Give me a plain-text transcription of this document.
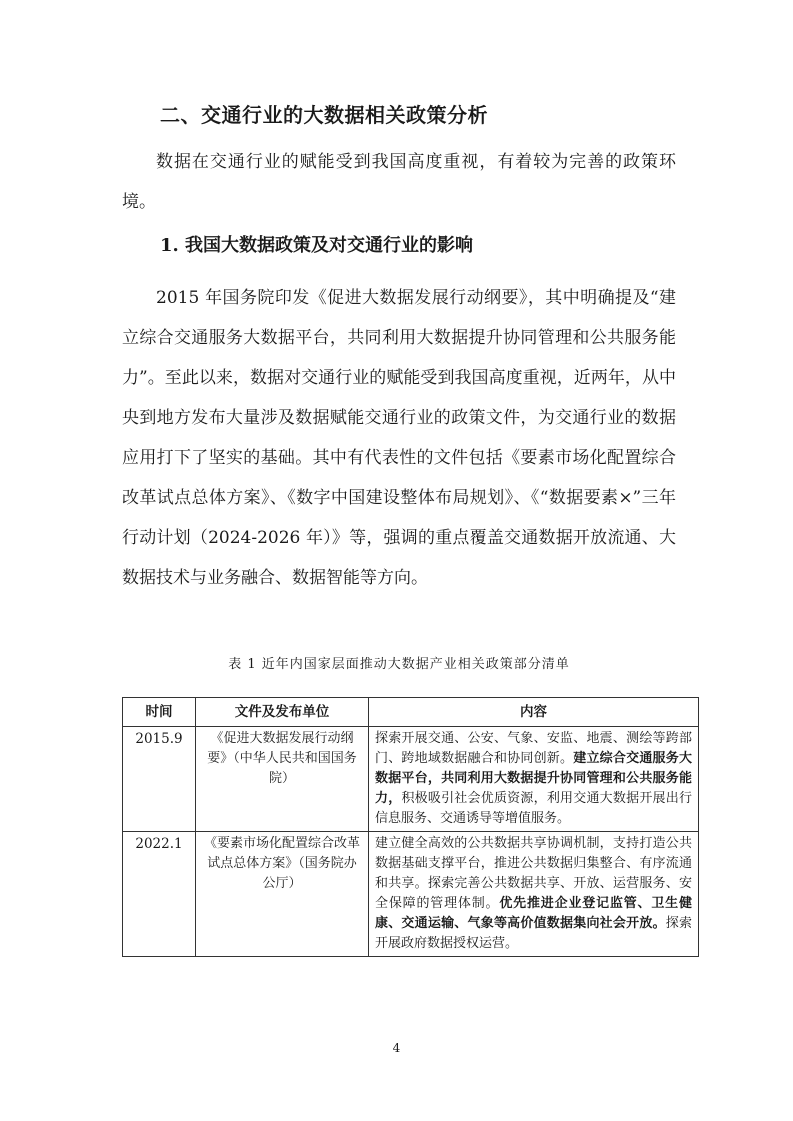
二、交通行业的大数据相关政策分析

数据在交通行业的赋能受到我国高度重视，有着较为完善的政策环境。

1. 我国大数据政策及对交通行业的影响

2015 年国务院印发《促进大数据发展行动纲要》，其中明确提及“建立综合交通服务大数据平台，共同利用大数据提升协同管理和公共服务能力”。至此以来，数据对交通行业的赋能受到我国高度重视，近两年，从中央到地方发布大量涉及数据赋能交通行业的政策文件，为交通行业的数据应用打下了坚实的基础。其中有代表性的文件包括《要素市场化配置综合改革试点总体方案》、《数字中国建设整体布局规划》、《“数据要素×”三年行动计划（2024-2026 年）》等，强调的重点覆盖交通数据开放流通、大数据技术与业务融合、数据智能等方向。

表 1 近年内国家层面推动大数据产业相关政策部分清单
时间	文件及发布单位	内容
2015.9	《促进大数据发展行动纲要》（中华人民共和国国务院）	探索开展交通、公安、气象、安监、地震、测绘等跨部门、跨地域数据融合和协同创新。建立综合交通服务大数据平台，共同利用大数据提升协同管理和公共服务能力，积极吸引社会优质资源，利用交通大数据开展出行信息服务、交通诱导等增值服务。
2022.1	《要素市场化配置综合改革试点总体方案》（国务院办公厅）	建立健全高效的公共数据共享协调机制，支持打造公共数据基础支撑平台，推进公共数据归集整合、有序流通和共享。探索完善公共数据共享、开放、运营服务、安全保障的管理体制。优先推进企业登记监管、卫生健康、交通运输、气象等高价值数据集向社会开放。探索开展政府数据授权运营。
4
